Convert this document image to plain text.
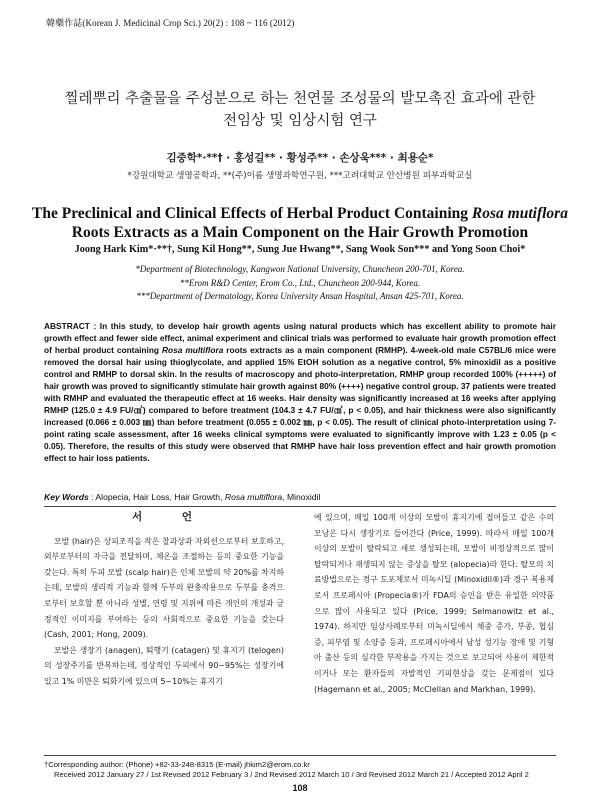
韓藥作誌(Korean J. Medicinal Crop Sci.) 20(2) : 108 ~ 116 (2012)
찔레뿌리 추출물을 주성분으로 하는 천연물 조성물의 발모촉진 효과에 관한
전임상 및 임상시험 연구
김중학*·**† · 홍성길** · 황성주** · 손상욱*** · 최용순*
*강원대학교 생명공학과, **(주)이롬 생명과학연구원, ***고려대학교 안산병원 피부과학교실
The Preclinical and Clinical Effects of Herbal Product Containing Rosa mutiflora
Roots Extracts as a Main Component on the Hair Growth Promotion
Joong Hark Kim*·**†, Sung Kil Hong**, Sung Jue Hwang**, Sang Wook Son*** and Yong Soon Choi*
*Department of Biotechnology, Kangwon National University, Chuncheon 200-701, Korea.
**Erom R&D Center, Erom Co., Ltd., Chuncheon 200-944, Korea.
***Department of Dermatology, Korea University Ansan Hospital, Ansan 425-701, Korea.
ABSTRACT : In this study, to develop hair growth agents using natural products which has excellent ability to promote hair growth effect and fewer side effect, animal experiment and clinical trials was performed to evaluate hair growth promotion effect of herbal product containing Rosa multiflora roots extracts as a main component (RMHP). 4-week-old male C57BL/6 mice were removed the dorsal hair using thioglycolate, and applied 15% EtOH solution as a negative control, 5% minoxidil as a positive control and RMHP to dorsal skin. In the results of macroscopy and photo-interpretation, RMHP group recorded 100% (+++++) of hair growth was proved to significantly stimulate hair growth against 80% (++++) negative control group. 37 patients were treated with RMHP and evaluated the therapeutic effect at 16 weeks. Hair density was significantly increased at 16 weeks after applying RMHP (125.0 ± 4.9 FU/㎠) compared to before treatment (104.3 ± 4.7 FU/㎠, p < 0.05), and hair thickness were also significantly increased (0.066 ± 0.003 ㎜) than before treatment (0.055 ± 0.002 ㎜, p < 0.05). The result of clinical photo-interpretation using 7-point rating scale assessment, after 16 weeks clinical symptoms were evaluated to significantly improve with 1.23 ± 0.05 (p < 0.05). Therefore, the results of this study were observed that RMHP have hair loss prevention effect and hair growth promotion effect to hair loss patients.
Key Words : Alopecia, Hair Loss, Hair Growth, Rosa multiflora, Minoxidil
서 언

모발 (hair)은 상피조직을 작은 찰과상과 자외선으로부터 보호하고, 외부로부터의 자극을 전달하며, 체온을 조절하는 등의 중요한 기능을 갖는다. 특히 두피 모발 (scalp hair)은 인체 모발의 약 20%를 차지하는데, 모발의 생리적 기능과 함께 두부의 완충작용으로 두부를 충격으로부터 보호할 뿐 아니라 성별, 연령 및 지위에 따른 개인의 개성과 긍정적인 이미지를 부여하는 등의 사회적으로 중요한 기능을 갖는다 (Cash, 2001; Hong, 2009).

모발은 생장기 (anagen), 퇴행기 (catagen) 및 휴지기 (telogen)의 성장주기를 반복하는데, 정상적인 두피에서 90~95%는 성장기에 있고 1% 미만은 퇴화기에 있으며 5~10%는 휴지기

에 있으며, 매일 100개 이상의 모발이 휴지기에 접어들고 같은 수의 모낭은 다시 생장기로 들어간다 (Price, 1999). 따라서 매일 100개 이상의 모발이 탈락되고 새로 생성되는데, 모발이 비정상적으로 많이 탈락되거나 재생되지 않는 증상을 탈모 (alopecia)라 한다. 탈모의 치료방법으로는 경구 도포제로서 미녹시딜 (Minoxidil®)과 경구 복용제로서 프로페시아 (Propecia®)가 FDA의 승인을 받은 유일한 의약품으로 많이 사용되고 있다 (Price, 1999; Selmanowitz et al., 1974). 하지만 임상사례로부터 미녹시딜에서 체중 증가, 부종, 협심증, 피부염 및 소양증 등과, 프로페시아에서 남성 성기능 장애 및 기형아 출산 등의 심각한 부작용을 가지는 것으로 보고되어 사용이 제한적이거나 또는 환자들의 자발적인 기피현상을 갖는 문제점이 있다 (Hagemann et al., 2005; McClellan and Markhan, 1999).

†Corresponding author: (Phone) +82-33-248-8315 (E-mail) jhkim2@erom.co.kr
Received 2012 January 27 / 1st Revised 2012 February 3 / 2nd Revised 2012 March 10 / 3rd Revised 2012 March 21 / Accepted 2012 April 2
108
